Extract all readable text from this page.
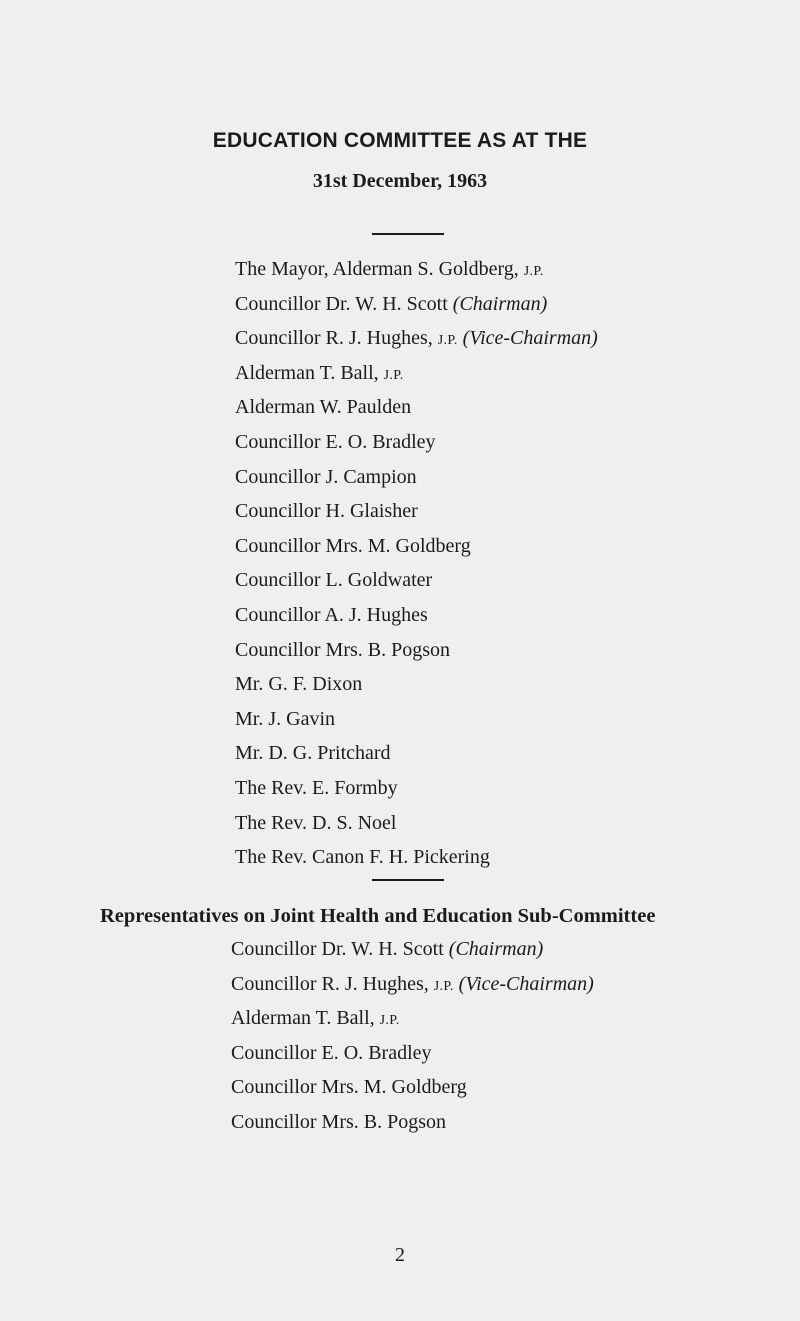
EDUCATION COMMITTEE AS AT THE
31st December, 1963
The Mayor, Alderman S. Goldberg, J.P.
Councillor Dr. W. H. Scott (Chairman)
Councillor R. J. Hughes, J.P. (Vice-Chairman)
Alderman T. Ball, J.P.
Alderman W. Paulden
Councillor E. O. Bradley
Councillor J. Campion
Councillor H. Glaisher
Councillor Mrs. M. Goldberg
Councillor L. Goldwater
Councillor A. J. Hughes
Councillor Mrs. B. Pogson
Mr. G. F. Dixon
Mr. J. Gavin
Mr. D. G. Pritchard
The Rev. E. Formby
The Rev. D. S. Noel
The Rev. Canon F. H. Pickering
Representatives on Joint Health and Education Sub-Committee
Councillor Dr. W. H. Scott (Chairman)
Councillor R. J. Hughes, J.P. (Vice-Chairman)
Alderman T. Ball, J.P.
Councillor E. O. Bradley
Councillor Mrs. M. Goldberg
Councillor Mrs. B. Pogson
2
